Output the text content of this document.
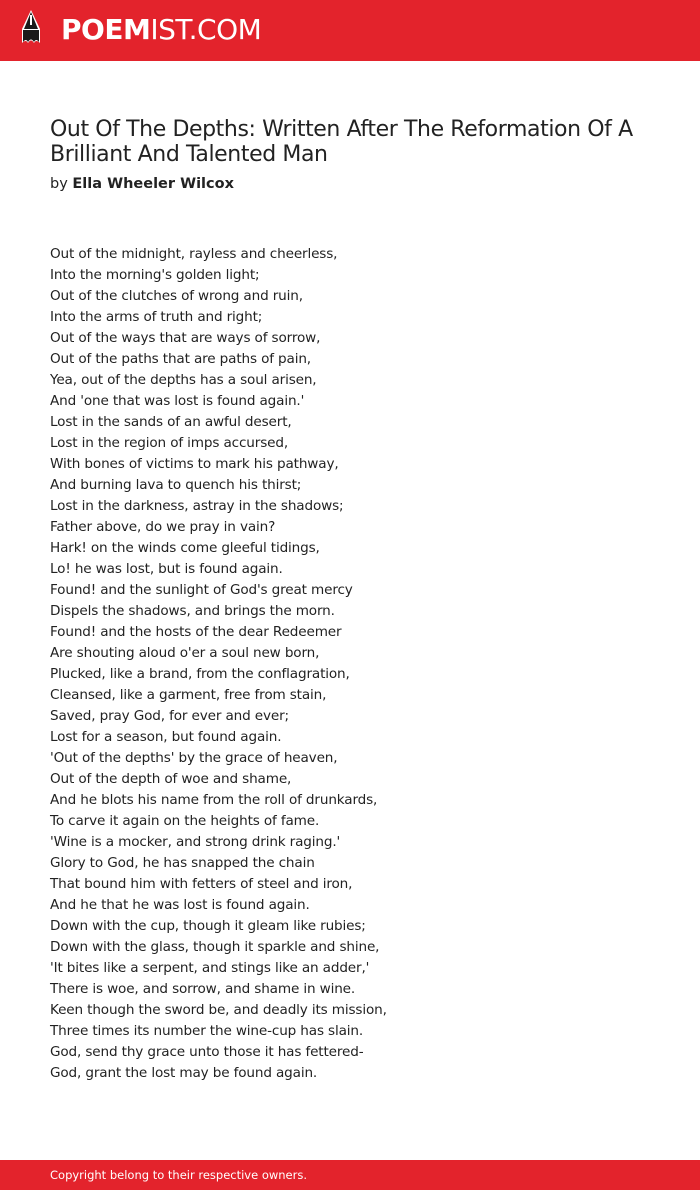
POEMIST.COM
Out Of The Depths: Written After The Reformation Of A Brilliant And Talented Man
by Ella Wheeler Wilcox
Out of the midnight, rayless and cheerless,
Into the morning's golden light;
Out of the clutches of wrong and ruin,
Into the arms of truth and right;
Out of the ways that are ways of sorrow,
Out of the paths that are paths of pain,
Yea, out of the depths has a soul arisen,
And 'one that was lost is found again.'
Lost in the sands of an awful desert,
Lost in the region of imps accursed,
With bones of victims to mark his pathway,
And burning lava to quench his thirst;
Lost in the darkness, astray in the shadows;
Father above, do we pray in vain?
Hark! on the winds come gleeful tidings,
Lo! he was lost, but is found again.
Found! and the sunlight of God's great mercy
Dispels the shadows, and brings the morn.
Found! and the hosts of the dear Redeemer
Are shouting aloud o'er a soul new born,
Plucked, like a brand, from the conflagration,
Cleansed, like a garment, free from stain,
Saved, pray God, for ever and ever;
Lost for a season, but found again.
'Out of the depths' by the grace of heaven,
Out of the depth of woe and shame,
And he blots his name from the roll of drunkards,
To carve it again on the heights of fame.
'Wine is a mocker, and strong drink raging.'
Glory to God, he has snapped the chain
That bound him with fetters of steel and iron,
And he that he was lost is found again.
Down with the cup, though it gleam like rubies;
Down with the glass, though it sparkle and shine,
'It bites like a serpent, and stings like an adder,'
There is woe, and sorrow, and shame in wine.
Keen though the sword be, and deadly its mission,
Three times its number the wine-cup has slain.
God, send thy grace unto those it has fettered-
God, grant the lost may be found again.
Copyright belong to their respective owners.
